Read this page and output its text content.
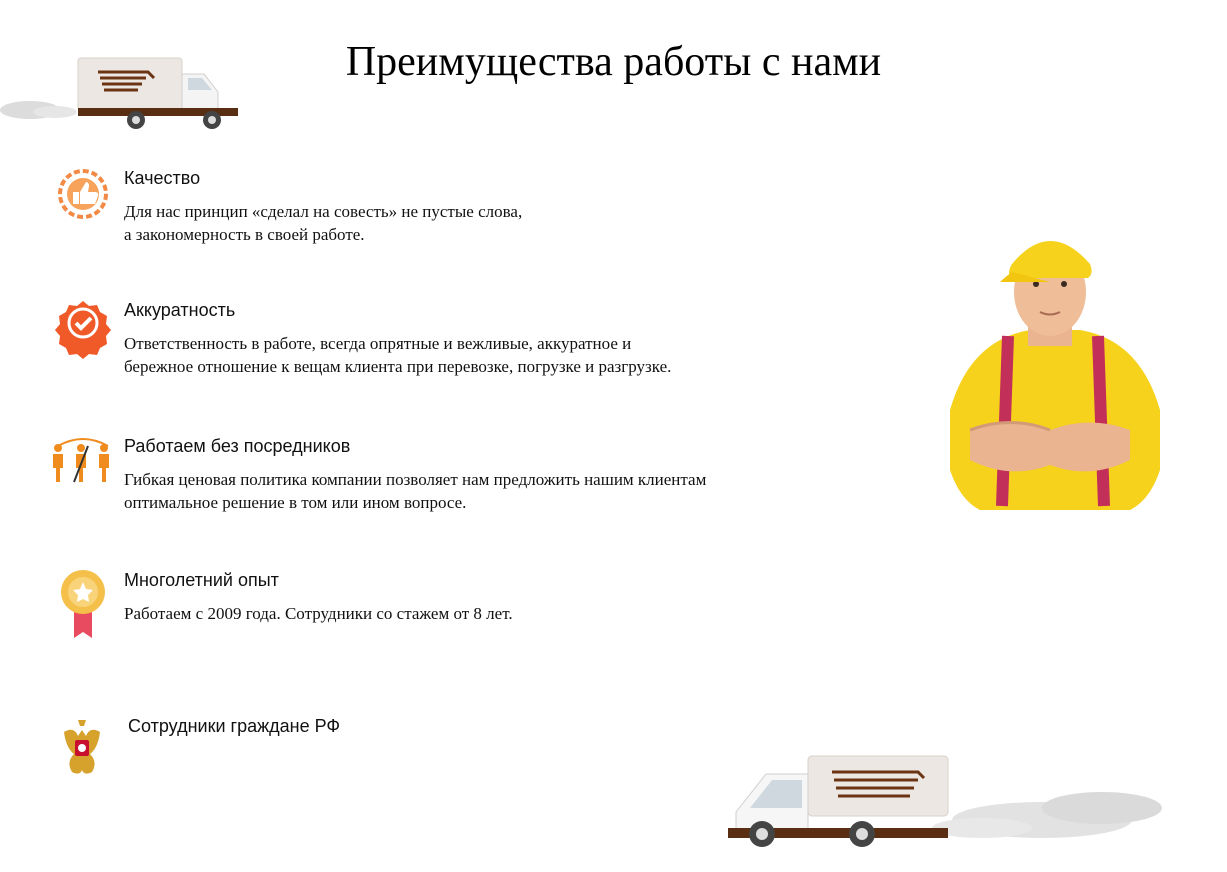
Преимущества работы с нами
Качество
Для нас принцип «сделал на совесть» не пустые слова,
а закономерность в своей работе.
Аккуратность
Ответственность в работе, всегда опрятные и вежливые, аккуратное и
бережное отношение к вещам клиента при перевозке, погрузке и разгрузке.
Работаем без посредников
Гибкая ценовая политика компании позволяет нам предложить нашим клиентам
оптимальное решение в том или ином вопросе.
Многолетний опыт
Работаем с 2009 года. Сотрудники со стажем от 8 лет.
Сотрудники граждане РФ
